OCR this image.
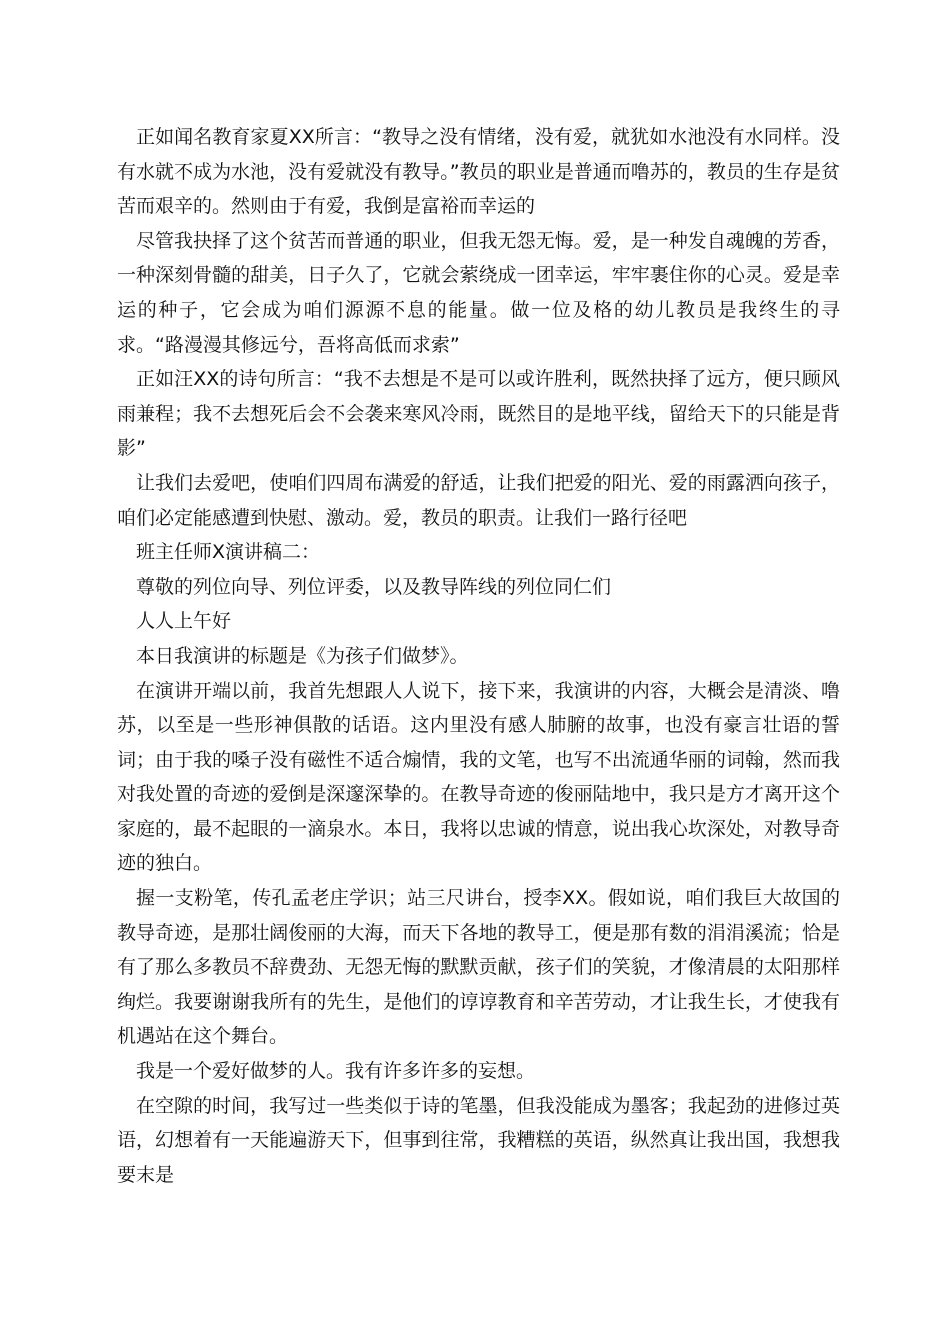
正如闻名教育家夏XX所言：“教导之没有情绪，没有爱，就犹如水池没有水同样。没有水就不成为水池，没有爱就没有教导。”教员的职业是普通而噜苏的，教员的生存是贫苦而艰辛的。然则由于有爱，我倒是富裕而幸运的

尽管我抉择了这个贫苦而普通的职业，但我无怨无悔。爱，是一种发自魂魄的芳香，一种深刻骨髓的甜美，日子久了，它就会萦绕成一团幸运，牢牢裹住你的心灵。爱是幸运的种子，它会成为咱们源源不息的能量。做一位及格的幼儿教员是我终生的寻求。“路漫漫其修远兮，吾将高低而求索”

正如汪XX的诗句所言：“我不去想是不是可以或许胜利，既然抉择了远方，便只顾风雨兼程；我不去想死后会不会袭来寒风冷雨，既然目的是地平线，留给天下的只能是背影”

让我们去爱吧，使咱们四周布满爱的舒适，让我们把爱的阳光、爱的雨露洒向孩子，咱们必定能感遭到快慰、激动。爱，教员的职责。让我们一路行径吧

班主任师X演讲稿二：

尊敬的列位向导、列位评委，以及教导阵线的列位同仁们

人人上午好

本日我演讲的标题是《为孩子们做梦》。

在演讲开端以前，我首先想跟人人说下，接下来，我演讲的内容，大概会是清淡、噜苏，以至是一些形神俱散的话语。这内里没有感人肺腑的故事，也没有豪言壮语的誓词；由于我的嗓子没有磁性不适合煽情，我的文笔，也写不出流通华丽的词翰，然而我对我处置的奇迹的爱倒是深邃深挚的。在教导奇迹的俊丽陆地中，我只是方才离开这个家庭的，最不起眼的一滴泉水。本日，我将以忠诚的情意，说出我心坎深处，对教导奇迹的独白。

握一支粉笔，传孔孟老庄学识；站三尺讲台，授李XX。假如说，咱们我巨大故国的教导奇迹，是那壮阔俊丽的大海，而天下各地的教导工，便是那有数的涓涓溪流；恰是有了那么多教员不辞费劲、无怨无悔的默默贡献，孩子们的笑貌，才像清晨的太阳那样绚烂。我要谢谢我所有的先生，是他们的谆谆教育和辛苦劳动，才让我生长，才使我有机遇站在这个舞台。

我是一个爱好做梦的人。我有许多许多的妄想。

在空隙的时间，我写过一些类似于诗的笔墨，但我没能成为墨客；我起劲的进修过英语，幻想着有一天能遍游天下，但事到往常，我糟糕的英语，纵然真让我出国，我想我要末是
